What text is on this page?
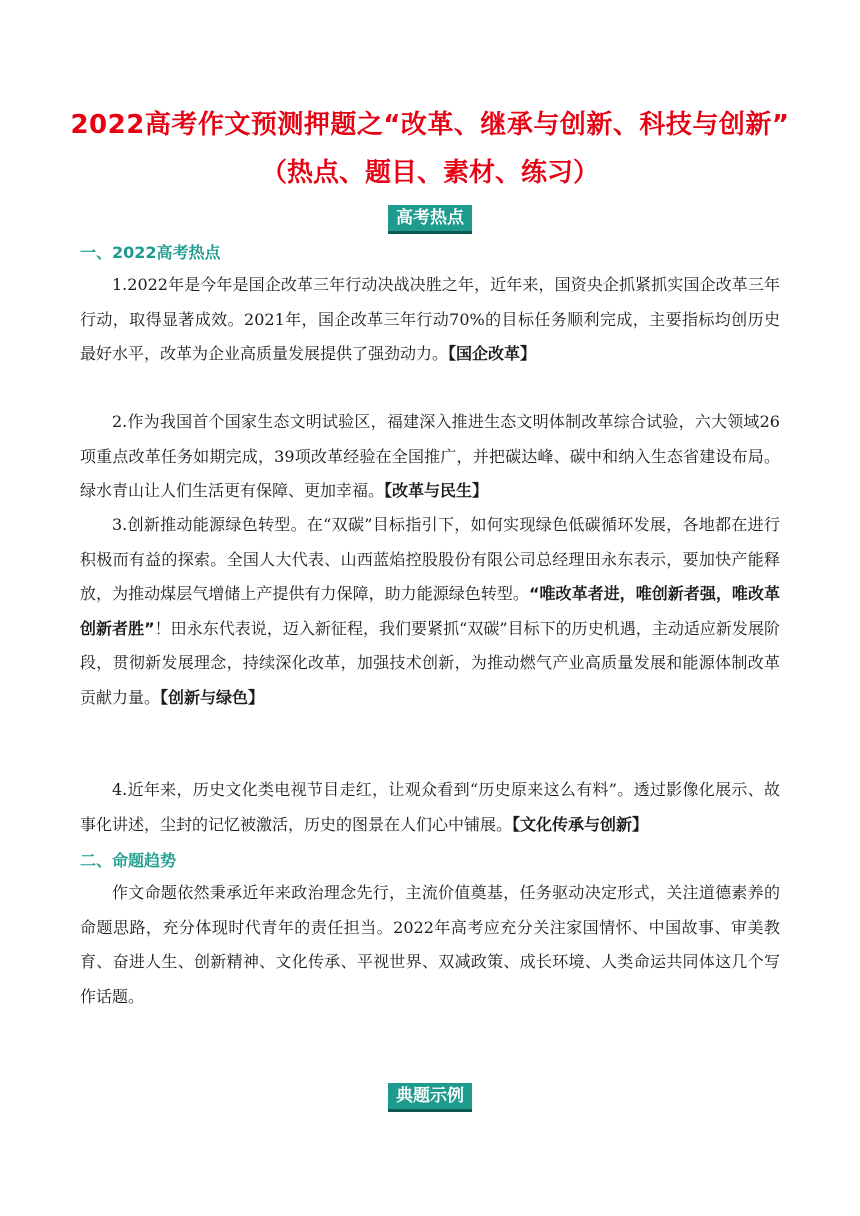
2022高考作文预测押题之“改革、继承与创新、科技与创新”
（热点、题目、素材、练习）
高考热点
一、2022高考热点

1.2022年是今年是国企改革三年行动决战决胜之年，近年来，国资央企抓紧抓实国企改革三年行动，取得显著成效。2021年，国企改革三年行动70%的目标任务顺利完成，主要指标均创历史最好水平，改革为企业高质量发展提供了强劲动力。【国企改革】

2.作为我国首个国家生态文明试验区，福建深入推进生态文明体制改革综合试验，六大领域26项重点改革任务如期完成，39项改革经验在全国推广，并把碳达峰、碳中和纳入生态省建设布局。绿水青山让人们生活更有保障、更加幸福。【改革与民生】

3.创新推动能源绿色转型。在“双碳”目标指引下，如何实现绿色低碳循环发展，各地都在进行积极而有益的探索。全国人大代表、山西蓝焰控股股份有限公司总经理田永东表示，要加快产能释放，为推动煤层气增储上产提供有力保障，助力能源绿色转型。“唯改革者进，唯创新者强，唯改革创新者胜”！田永东代表说，迈入新征程，我们要紧抓“双碳”目标下的历史机遇，主动适应新发展阶段，贯彻新发展理念，持续深化改革，加强技术创新，为推动燃气产业高质量发展和能源体制改革贡献力量。【创新与绿色】

4.近年来，历史文化类电视节目走红，让观众看到“历史原来这么有料”。透过影像化展示、故事化讲述，尘封的记忆被激活，历史的图景在人们心中铺展。【文化传承与创新】

二、命题趋势

作文命题依然秉承近年来政治理念先行，主流价值奠基，任务驱动决定形式，关注道德素养的命题思路，充分体现时代青年的责任担当。2022年高考应充分关注家国情怀、中国故事、审美教育、奋进人生、创新精神、文化传承、平视世界、双减政策、成长环境、人类命运共同体这几个写作话题。

典题示例
